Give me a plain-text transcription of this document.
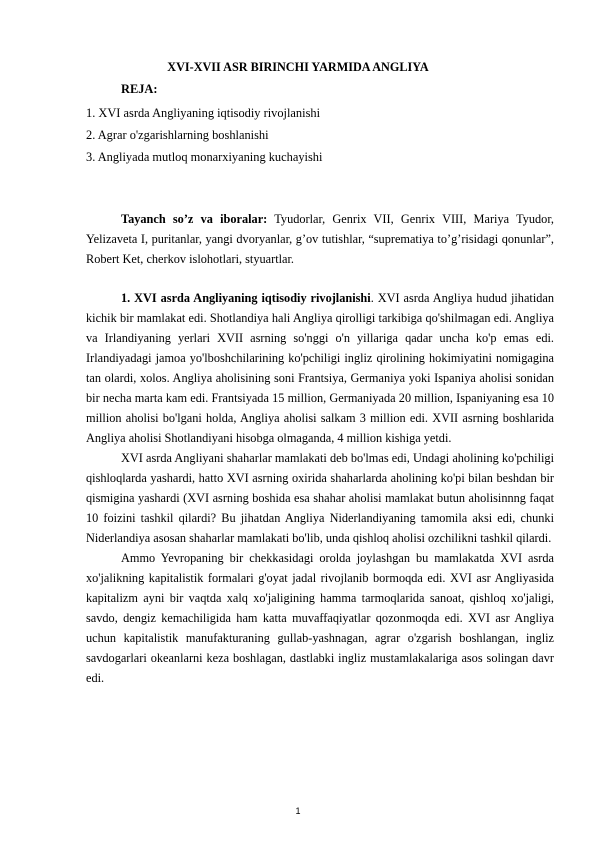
XVI-XVII ASR BIRINCHI YARMIDA ANGLIYA
REJA:
1. XVI asrda Angliyaning iqtisodiy rivojlanishi
2. Agrar o'zgarishlarning boshlanishi
3. Angliyada mutloq monarxiyaning kuchayishi

Tayanch so’z va iboralar: Tyudorlar, Genrix VII, Genrix VIII, Mariya Tyudor, Yelizaveta I, puritanlar, yangi dvoryanlar, g’ov tutishlar, “suprematiya to’g’risidagi qonunlar”, Robert Ket, cherkov islohotlari, styuartlar.

1. XVI asrda Angliyaning iqtisodiy rivojlanishi. XVI asrda Angliya hudud jihatidan kichik bir mamlakat edi. Shotlandiya hali Angliya qirolligi tarkibiga qo'shilmagan edi. Angliya va Irlandiyaning yerlari XVII asrning so'nggi o'n yillariga qadar uncha ko'p emas edi. Irlandiyadagi jamoa yo'lboshchilarining ko'pchiligi ingliz qirolining hokimiyatini nomigagina tan olardi, xolos. Angliya aholisining soni Frantsiya, Germaniya yoki Ispaniya aholisi sonidan bir necha marta kam edi. Frantsiyada 15 million, Germaniyada 20 million, Ispaniyaning esa 10 million aholisi bo'lgani holda, Angliya aholisi salkam 3 million edi. XVII asrning boshlarida Angliya aholisi Shotlandiyani hisobga olmaganda, 4 million kishiga yetdi.

XVI asrda Angliyani shaharlar mamlakati deb bo'lmas edi, Undagi aholining ko'pchiligi qishloqlarda yashardi, hatto XVI asrning oxirida shaharlarda aholining ko'pi bilan beshdan bir qismigina yashardi (XVI asrning boshida esa shahar aholisi mamlakat butun aholisinnng faqat 10 foizini tashkil qilardi? Bu jihatdan Angliya Niderlandiyaning tamomila aksi edi, chunki Niderlandiya asosan shaharlar mamlakati bo'lib, unda qishloq aholisi ozchilikni tashkil qilardi.

Ammo Yevropaning bir chekkasidagi orolda joylashgan bu mamlakatda XVI asrda xo'jalikning kapitalistik formalari g'oyat jadal rivojlanib bormoqda edi. XVI asr Angliyasida kapitalizm ayni bir vaqtda xalq xo'jaligining hamma tarmoqlarida sanoat, qishloq xo'jaligi, savdo, dengiz kemachiligida ham katta muvaffaqiyatlar qozonmoqda edi. XVI asr Angliya uchun kapitalistik manufakturaning gullab-yashnagan, agrar o'zgarish boshlangan, ingliz savdogarlari okeanlarni keza boshlagan, dastlabki ingliz mustamlakalariga asos solingan davr edi.

1
